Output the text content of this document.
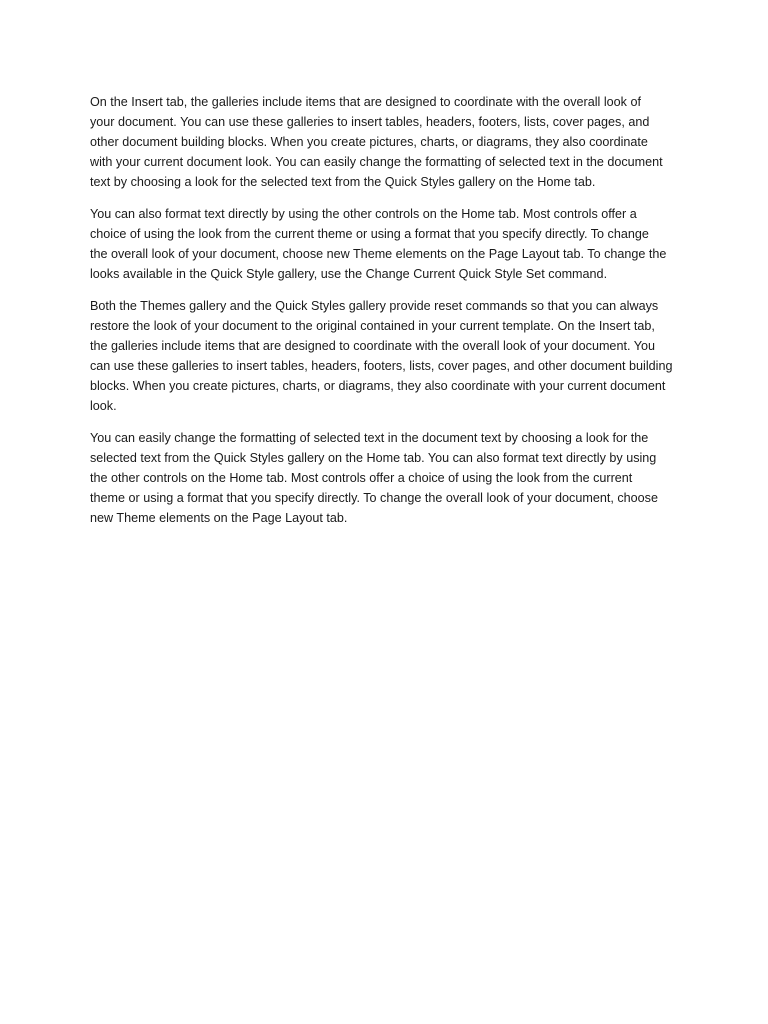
On the Insert tab, the galleries include items that are designed to coordinate with the overall look of
your document. You can use these galleries to insert tables, headers, footers, lists, cover pages, and
other document building blocks. When you create pictures, charts, or diagrams, they also coordinate
with your current document look. You can easily change the formatting of selected text in the document
text by choosing a look for the selected text from the Quick Styles gallery on the Home tab.

You can also format text directly by using the other controls on the Home tab. Most controls offer a
choice of using the look from the current theme or using a format that you specify directly. To change
the overall look of your document, choose new Theme elements on the Page Layout tab. To change the
looks available in the Quick Style gallery, use the Change Current Quick Style Set command.

Both the Themes gallery and the Quick Styles gallery provide reset commands so that you can always
restore the look of your document to the original contained in your current template. On the Insert tab,
the galleries include items that are designed to coordinate with the overall look of your document. You
can use these galleries to insert tables, headers, footers, lists, cover pages, and other document building
blocks. When you create pictures, charts, or diagrams, they also coordinate with your current document
look.

You can easily change the formatting of selected text in the document text by choosing a look for the
selected text from the Quick Styles gallery on the Home tab. You can also format text directly by using
the other controls on the Home tab. Most controls offer a choice of using the look from the current
theme or using a format that you specify directly. To change the overall look of your document, choose
new Theme elements on the Page Layout tab.
